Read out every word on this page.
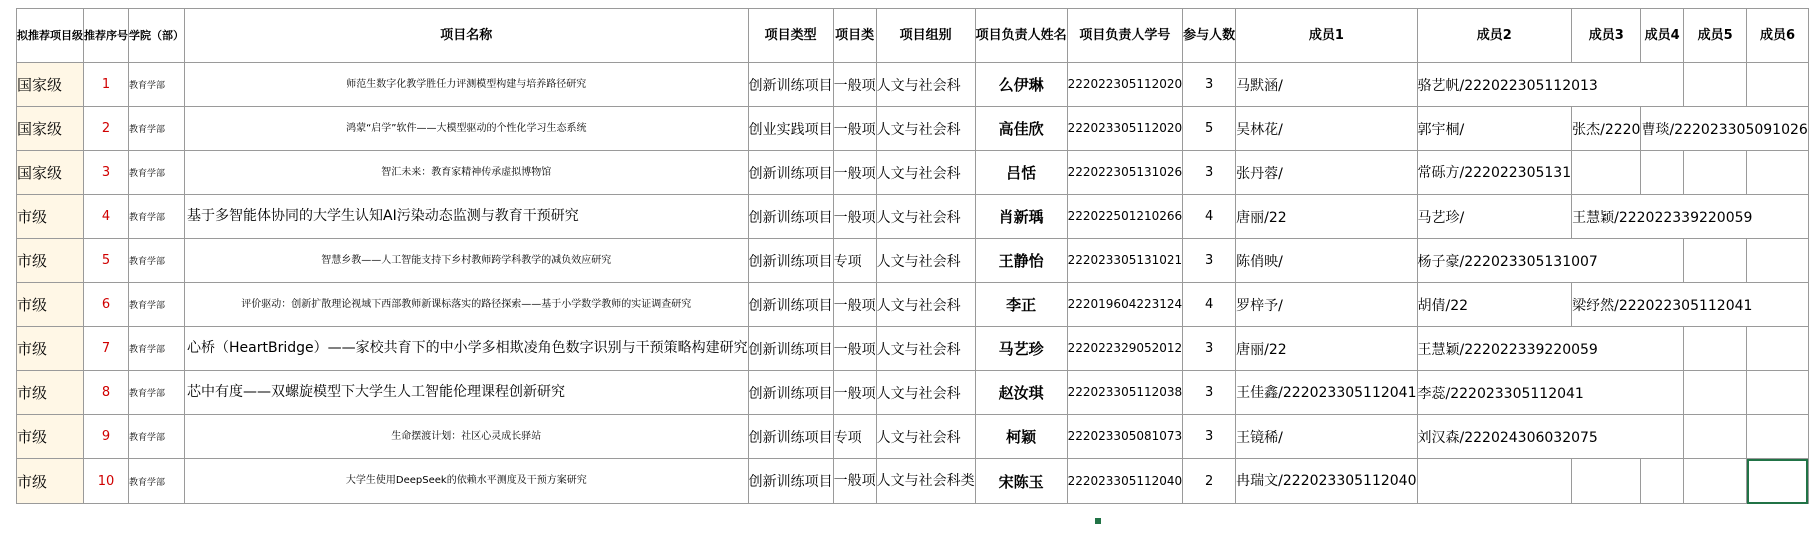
拟推荐项目级	推荐序号	学院（部）	项目名称	项目类型	项目类	项目组别	项目负责人姓名	项目负责人学号	参与人数	成员1	成员2	成员3	成员4	成员5	成员6
国家级	1	教育学部	师范生数字化教学胜任力评测模型构建与培养路径研究	创新训练项目	一般项	人文与社会科	么伊琳	222022305112020	3	马默涵/	骆艺帆/222022305112013				
国家级	2	教育学部	鸿蒙“启学”软件——大模型驱动的个性化学习生态系统	创业实践项目	一般项	人文与社会科	高佳欣	222023305112020	5	吴林花/	郭宇桐/	张杰/2220	曹琰/222023305091026		
国家级	3	教育学部	智汇未来：教育家精神传承虚拟博物馆	创新训练项目	一般项	人文与社会科	吕恬	222022305131026	3	张丹蓉/	常砾方/222022305131				
市级	4	教育学部	基于多智能体协同的大学生认知AI污染动态监测与教育干预研究	创新训练项目	一般项	人文与社会科	肖新瑀	222022501210266	4	唐丽/22	马艺珍/	王慧颖/222022339220059			
市级	5	教育学部	智慧乡教——人工智能支持下乡村教师跨学科教学的减负效应研究	创新训练项目	专项	人文与社会科	王静怡	222023305131021	3	陈俏映/	杨子豪/222023305131007				
市级	6	教育学部	评价驱动：创新扩散理论视域下西部教师新课标落实的路径探索——基于小学数学教师的实证调查研究	创新训练项目	一般项	人文与社会科	李正	222019604223124	4	罗梓予/	胡倩/22	梁纾然/222022305112041			
市级	7	教育学部	心桥（HeartBridge）——家校共育下的中小学多相欺凌角色数字识别与干预策略构建研究	创新训练项目	一般项	人文与社会科	马艺珍	222022329052012	3	唐丽/22	王慧颖/222022339220059				
市级	8	教育学部	芯中有度——双螺旋模型下大学生人工智能伦理课程创新研究	创新训练项目	一般项	人文与社会科	赵汝琪	222023305112038	3	王佳鑫/222023305112041	李蕊/222023305112041				
市级	9	教育学部	生命摆渡计划：社区心灵成长驿站	创新训练项目	专项	人文与社会科	柯颖	222023305081073	3	王镜稀/	刘汉森/222024306032075				
市级	10	教育学部	大学生使用DeepSeek的依赖水平测度及干预方案研究	创新训练项目	一般项	人文与社会科类	宋陈玉	222023305112040	2	冉瑞文/222023305112040					
